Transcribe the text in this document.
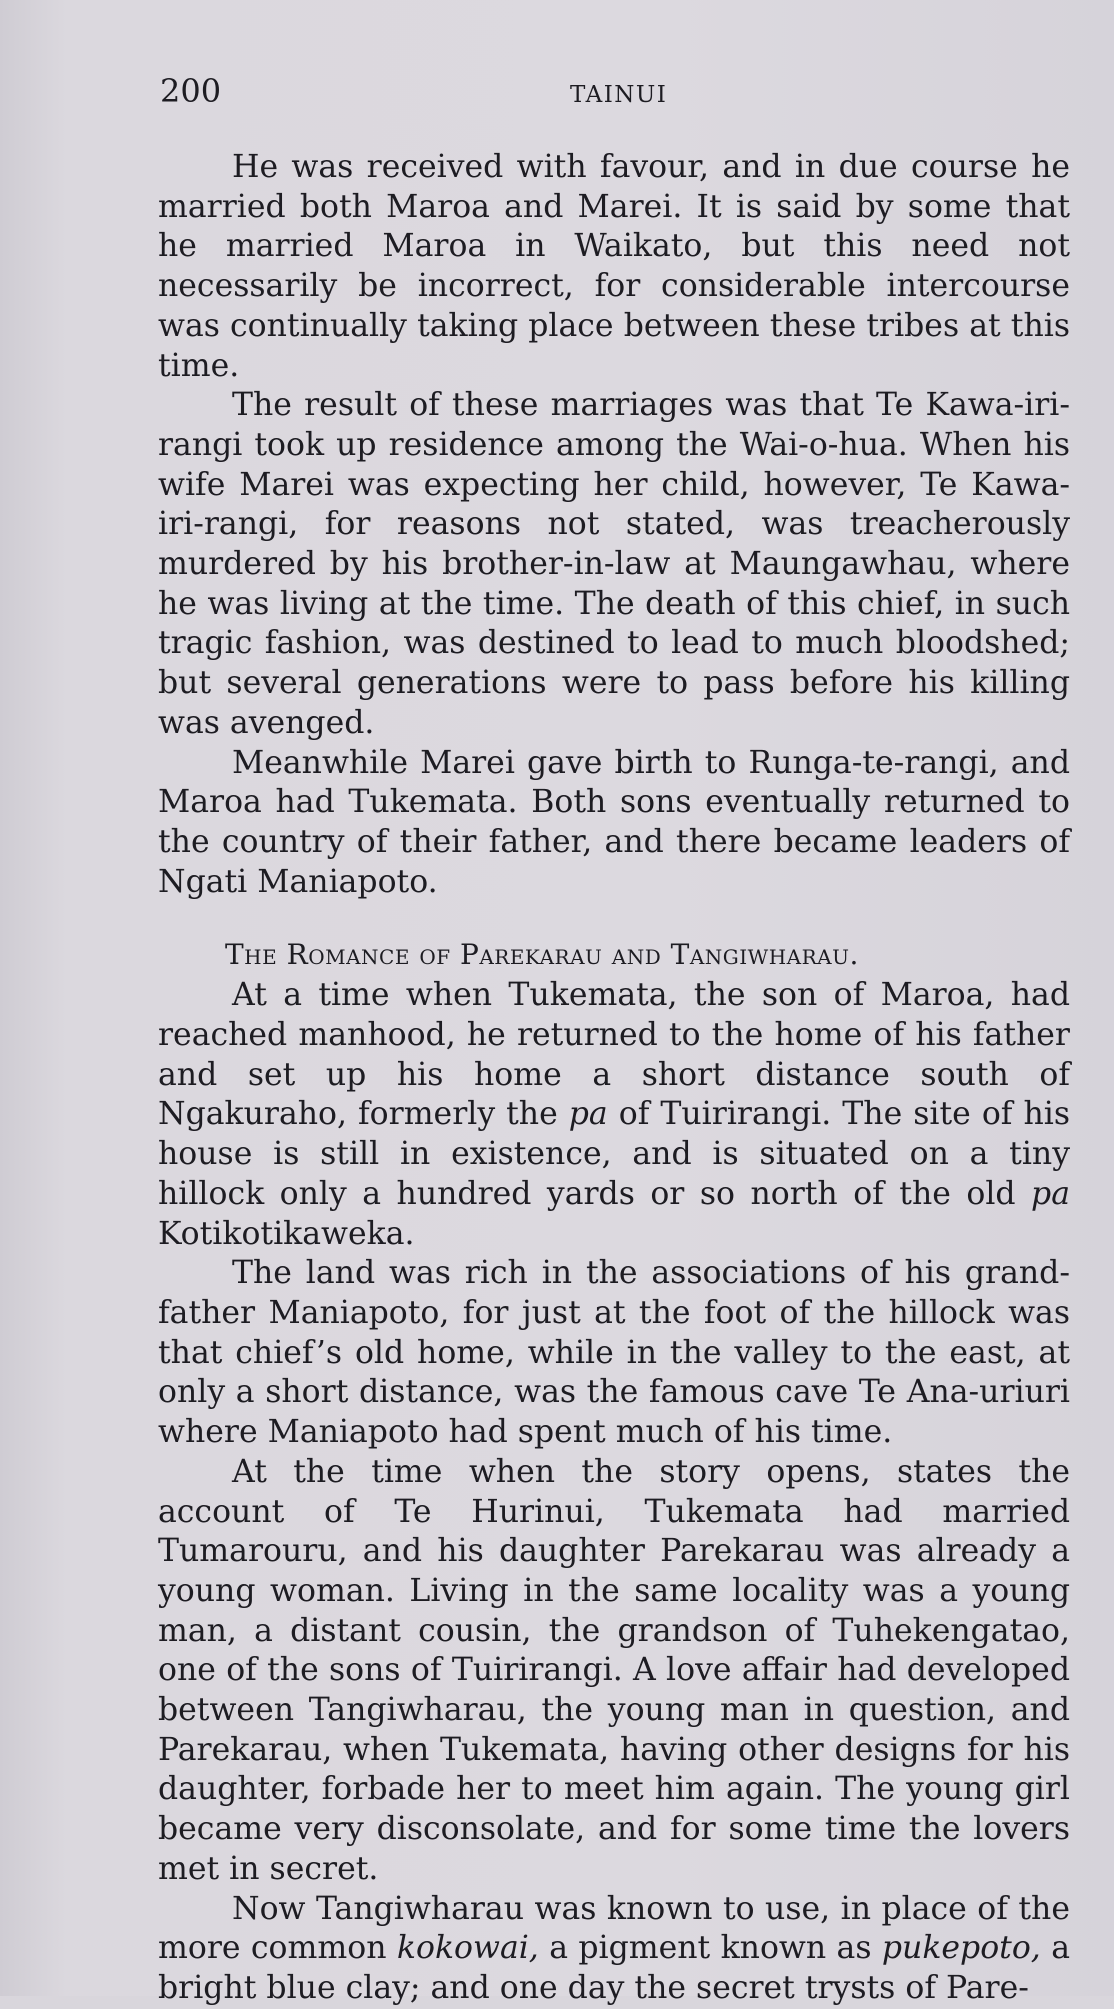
200	TAINUI

He was received with favour, and in due course he married both Maroa and Marei. It is said by some that he married Maroa in Waikato, but this need not necessarily be incorrect, for considerable intercourse was continually taking place between these tribes at this time.

The result of these marriages was that Te Kawa-iri-rangi took up residence among the Wai-o-hua. When his wife Marei was expecting her child, however, Te Kawa-iri-rangi, for reasons not stated, was treacherously murdered by his brother-in-law at Maungawhau, where he was living at the time. The death of this chief, in such tragic fashion, was destined to lead to much bloodshed; but several generations were to pass before his killing was avenged.

Meanwhile Marei gave birth to Runga-te-rangi, and Maroa had Tukemata. Both sons eventually returned to the country of their father, and there became leaders of Ngati Maniapoto.

The Romance of Parekarau and Tangiwharau.

At a time when Tukemata, the son of Maroa, had reached manhood, he returned to the home of his father and set up his home a short distance south of Ngakuraho, formerly the pa of Tuirirangi. The site of his house is still in existence, and is situated on a tiny hillock only a hundred yards or so north of the old pa Kotikotikaweka.

The land was rich in the associations of his grandfather Maniapoto, for just at the foot of the hillock was that chief’s old home, while in the valley to the east, at only a short distance, was the famous cave Te Ana-uriuri where Maniapoto had spent much of his time.

At the time when the story opens, states the account of Te Hurinui, Tukemata had married Tumarouru, and his daughter Parekarau was already a young woman. Living in the same locality was a young man, a distant cousin, the grandson of Tuhekengatao, one of the sons of Tuirirangi. A love affair had developed between Tangiwharau, the young man in question, and Parekarau, when Tukemata, having other designs for his daughter, forbade her to meet him again. The young girl became very disconsolate, and for some time the lovers met in secret.

Now Tangiwharau was known to use, in place of the more common kokowai, a pigment known as pukepoto, a bright blue clay; and one day the secret trysts of Pare-
